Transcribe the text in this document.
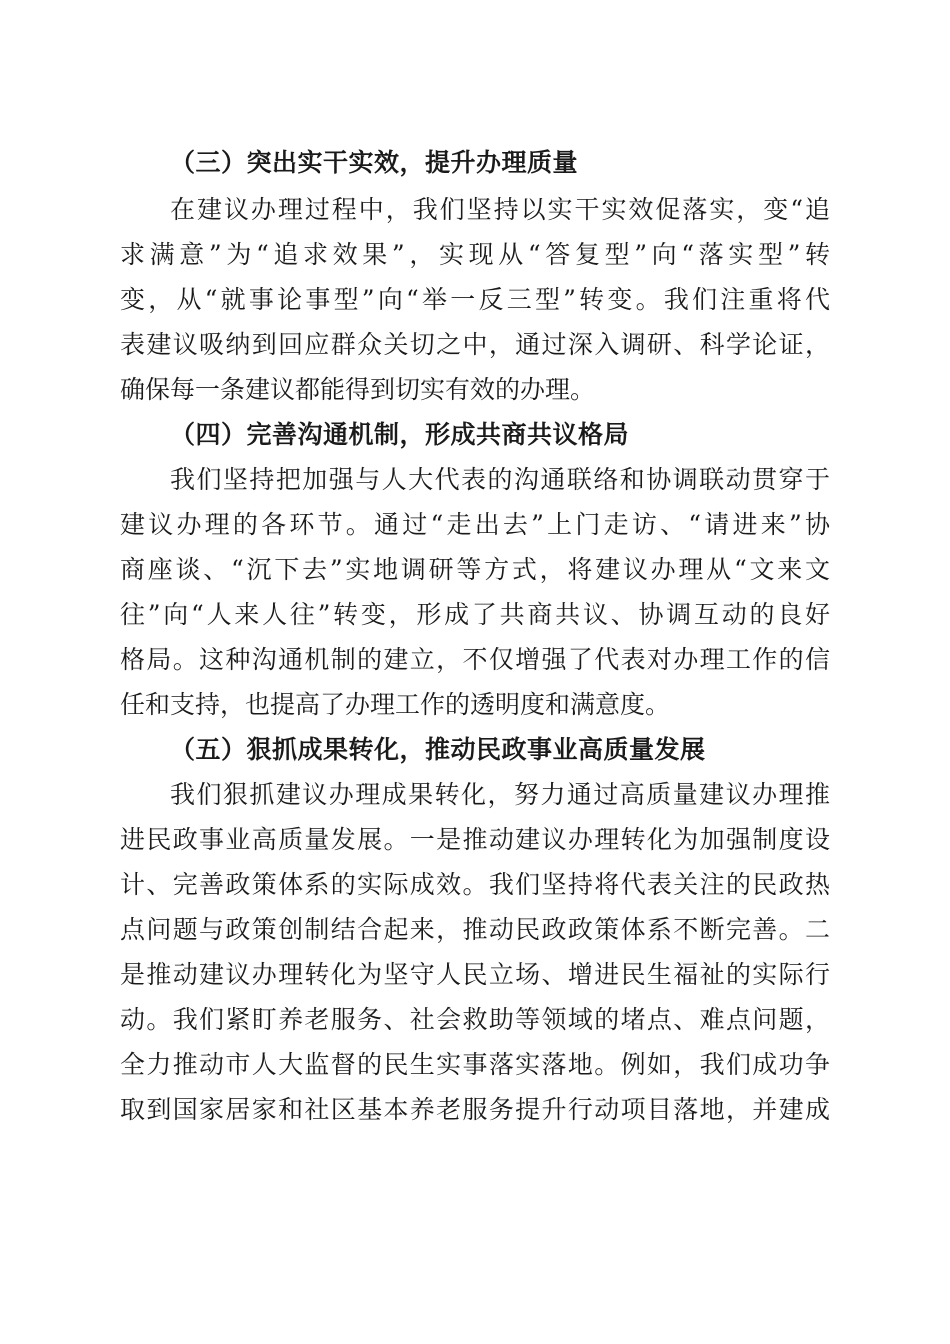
（三）突出实干实效，提升办理质量
在建议办理过程中，我们坚持以实干实效促落实，变“追
求满意”为“追求效果”，实现从“答复型”向“落实型”转
变，从“就事论事型”向“举一反三型”转变。我们注重将代
表建议吸纳到回应群众关切之中，通过深入调研、科学论证，
确保每一条建议都能得到切实有效的办理。
（四）完善沟通机制，形成共商共议格局
我们坚持把加强与人大代表的沟通联络和协调联动贯穿于
建议办理的各环节。通过“走出去”上门走访、“请进来”协
商座谈、“沉下去”实地调研等方式，将建议办理从“文来文
往”向“人来人往”转变，形成了共商共议、协调互动的良好
格局。这种沟通机制的建立，不仅增强了代表对办理工作的信
任和支持，也提高了办理工作的透明度和满意度。
（五）狠抓成果转化，推动民政事业高质量发展
我们狠抓建议办理成果转化，努力通过高质量建议办理推
进民政事业高质量发展。一是推动建议办理转化为加强制度设
计、完善政策体系的实际成效。我们坚持将代表关注的民政热
点问题与政策创制结合起来，推动民政政策体系不断完善。二
是推动建议办理转化为坚守人民立场、增进民生福祉的实际行
动。我们紧盯养老服务、社会救助等领域的堵点、难点问题，
全力推动市人大监督的民生实事落实落地。例如，我们成功争
取到国家居家和社区基本养老服务提升行动项目落地，并建成
